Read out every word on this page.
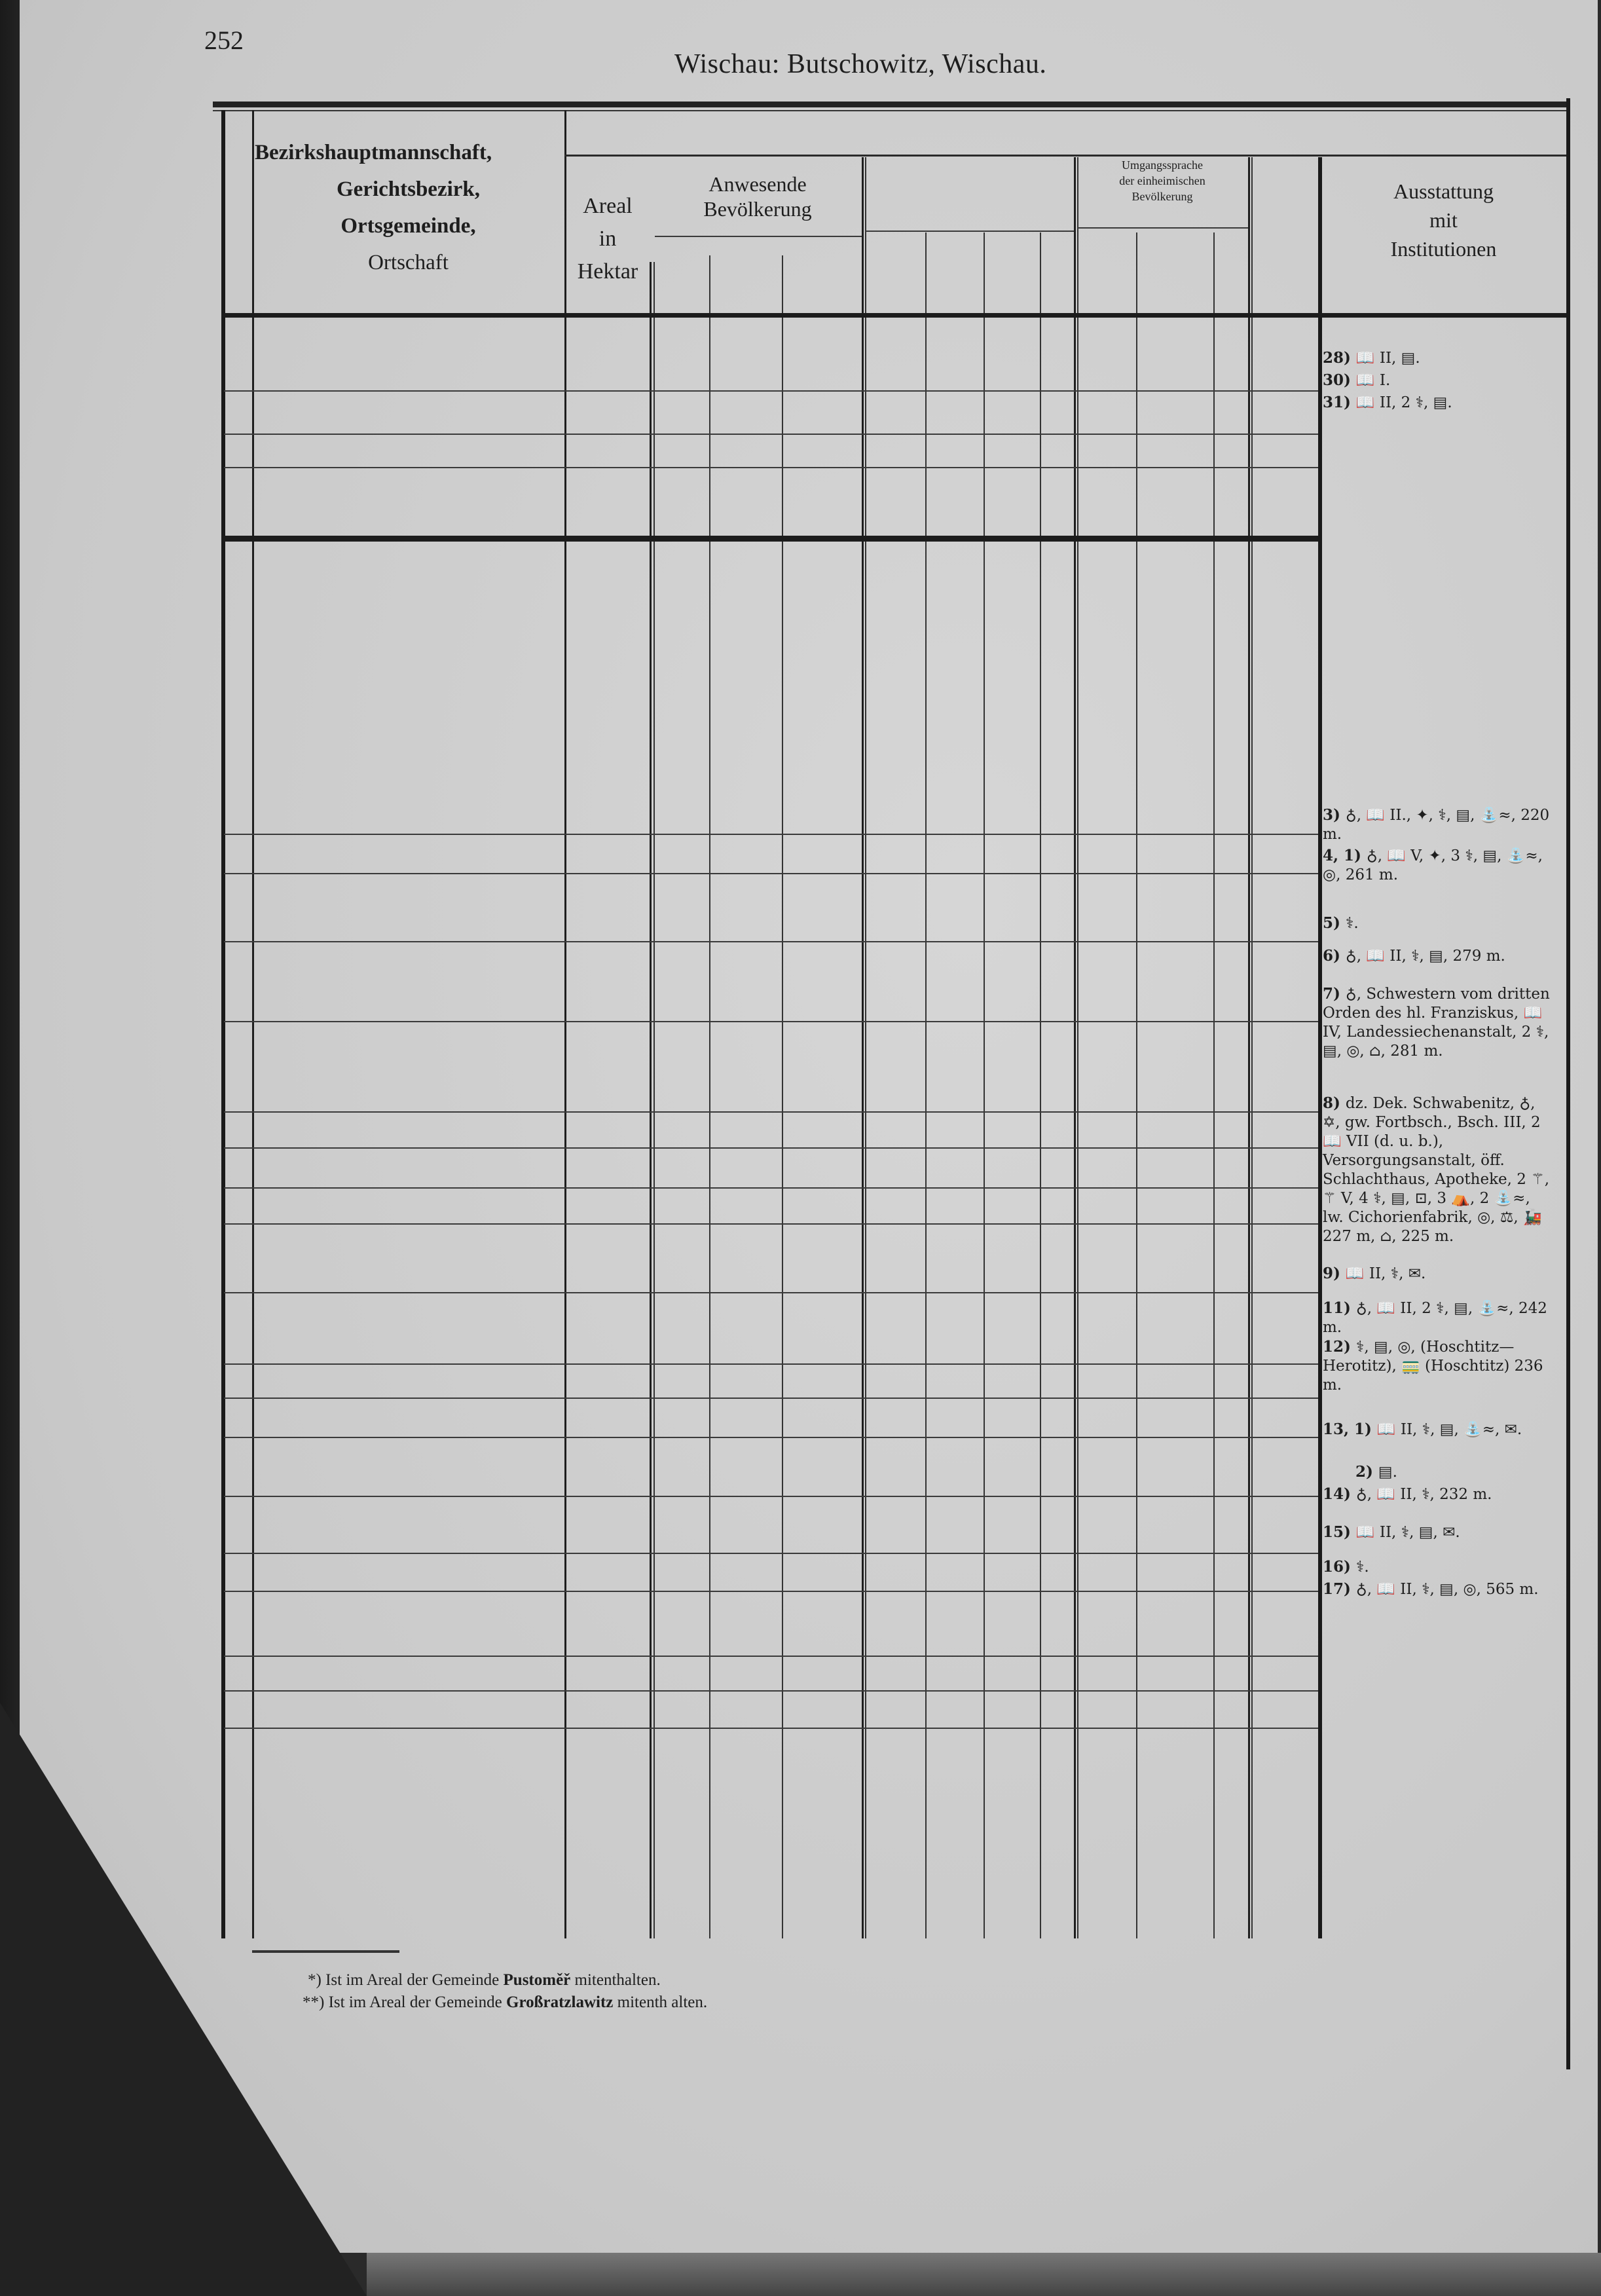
252
Wischau: Butschowitz, Wischau.
Bezirkshauptmannschaft,
Gerichtsbezirk,
Ortsgemeinde,
Ortschaft
Areal
in
Hektar
Anwesende
Bevölkerung
Umgangssprache
der einheimischen
Bevölkerung	Ausstattung
mit
Institutionen
28) 📖 II, ▤.
30) 📖 I.
31) 📖 II, 2 ⚕, ▤.
3) ♁, 📖 II., ✦, ⚕, ▤, ⛲≈, 220 m.
4, 1) ♁, 📖 V, ✦, 3 ⚕, ▤, ⛲≈, ◎, 261 m.
5) ⚕.
6) ♁, 📖 II, ⚕, ▤, 279 m.
7) ♁, Schwestern vom dritten Orden des hl. Franziskus, 📖 IV, Landessiechenanstalt, 2 ⚕, ▤, ◎, ⌂, 281 m.
8) dz. Dek. Schwabenitz, ♁, ✡, gw. Fortbsch., Bsch. III, 2 📖 VII (d. u. b.), Versorgungsanstalt, öff. Schlachthaus, Apotheke, 2 ⚚, ⚚ V, 4 ⚕, ▤, ⊡, 3 ⛺, 2 ⛲≈, lw. Cichorienfabrik, ◎, ⚖, 🚂 227 m, ⌂, 225 m.
9) 📖 II, ⚕, ✉.
11) ♁, 📖 II, 2 ⚕, ▤, ⛲≈, 242 m.
12) ⚕, ▤, ◎, (Hoschtitz—Herotitz), 🚃 (Hoschtitz) 236 m.
13, 1) 📖 II, ⚕, ▤, ⛲≈, ✉.
2) ▤.
14) ♁, 📖 II, ⚕, 232 m.
15) 📖 II, ⚕, ▤, ✉.
16) ⚕.
17) ♁, 📖 II, ⚕, ▤, ◎, 565 m.
*) Ist im Areal der Gemeinde Pustoměř mitenthalten.
**) Ist im Areal der Gemeinde Großratzlawitz mitenth alten.
